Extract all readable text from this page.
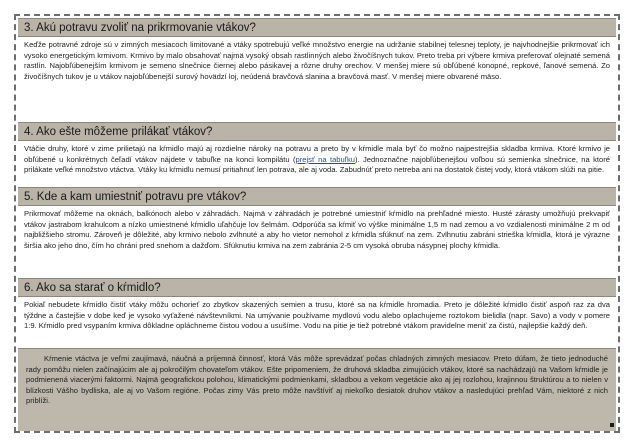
3. Akú potravu zvoliť na prikrmovanie vtákov?

Keďže potravné zdroje sú v zimných mesiacoch limitované a vtáky spotrebujú veľké množstvo energie na udržanie stabilnej telesnej teploty, je najvhodnejšie prikrmovať ich vysoko energetickým krmivom. Krmivo by malo obsahovať najmä vysoký obsah rastlinných alebo živočíšnych tukov. Preto treba pri výbere krmiva preferovať olejnaté semená rastlín. Najobľúbenejším krmivom je semeno slnečnice čiernej alebo pásikavej a rôzne druhy orechov. V menšej miere sú obľúbené konopné, repkové, ľanové semená. Zo živočíšnych tukov je u vtákov najobľúbenejší surový hovädzí loj, neúdená bravčová slanina a bravčová masť. V menšej miere obvarené mäso.

4. Ako ešte môžeme prilákať vtákov?

Vtáčie druhy, ktoré v zime prilietajú na kŕmidlo majú aj rozdielne nároky na potravu a preto by v kŕmidle mala byť čo možno najpestrejšia skladba krmiva. Ktoré krmivo je obľúbené u konkrétnych čeľadí vtákov nájdete v tabuľke na konci kompilátu (prejsť na tabuľku). Jednoznačne najobľúbenejšou voľbou sú semienka slnečnice, na ktoré prilákate veľké množstvo vtáctva. Vtáky ku kŕmidlu nemusí pritiahnuť len potrava, ale aj voda. Zabudnúť preto netreba ani na dostatok čistej vody, ktorá vtákom slúži na pitie.

5. Kde a kam umiestniť potravu pre vtákov?

Prikrmovať môžeme na oknách, balkónoch alebo v záhradách. Najmä v záhradách je potrebné umiestniť kŕmidlo na prehľadné miesto. Husté zárasty umožňujú prekvapiť vtákov jastrabom krahulcom a nízko umiestnené kŕmidlo uľahčuje lov šelmám. Odporúča sa kŕmiť vo výške minimálne 1,5 m nad zemou a vo vzdialenosti minimálne 2 m od najbližšieho stromu. Zároveň je dôležité, aby krmivo nebolo zvlhnuté a aby ho vietor nemohol z kŕmidla sfúknuť na zem. Zvlhnutiu zabráni strieška kŕmidla, ktorá je výrazne širšia ako jeho dno, čím ho chráni pred snehom a dažďom. Sfúknutiu krmiva na zem zabránia 2-5 cm vysoká obruba násypnej plochy kŕmidla.

6. Ako sa starať o kŕmidlo?

Pokiaľ nebudete kŕmidlo čistiť vtáky môžu ochorieť zo zbytkov skazených semien a trusu, ktoré sa na kŕmidle hromadia. Preto je dôležité kŕmidlo čistiť aspoň raz za dva týždne a častejšie v dobe keď je vysoko vyťažené návštevníkmi. Na umývanie používame mydlovú vodu alebo oplachujeme roztokom bielidla (napr. Savo) a vody v pomere 1:9. Kŕmidlo pred vsypaním krmiva dôkladne opláchneme čistou vodou a usušíme. Vodu na pitie je tiež potrebné vtákom pravidelne meniť za čistú, najlepšie každý deň.

Kŕmenie vtáctva je veľmi zaujímavá, náučná a príjemná činnosť, ktorá Vás môže sprevádzať počas chladných zimných mesiacov. Preto dúfam, že tieto jednoduché rady pomôžu nielen začínajúcim ale aj pokročilým chovateľom vtákov. Ešte pripomeniem, že druhová skladba zimujúcich vtákov, ktoré sa nachádzajú na Vašom kŕmidle je podmienená viacerými faktormi. Najmä geografickou polohou, klimatickými podmienkami, skladbou a vekom vegetácie ako aj jej rozlohou, krajinnou štruktúrou a to nielen v blízkosti Vášho bydliska, ale aj vo Vašom regióne. Počas zimy Vás preto môže navštíviť aj niekoľko desiatok druhov vtákov a nasledujúci prehľad Vám, niektoré z nich priblíži.
